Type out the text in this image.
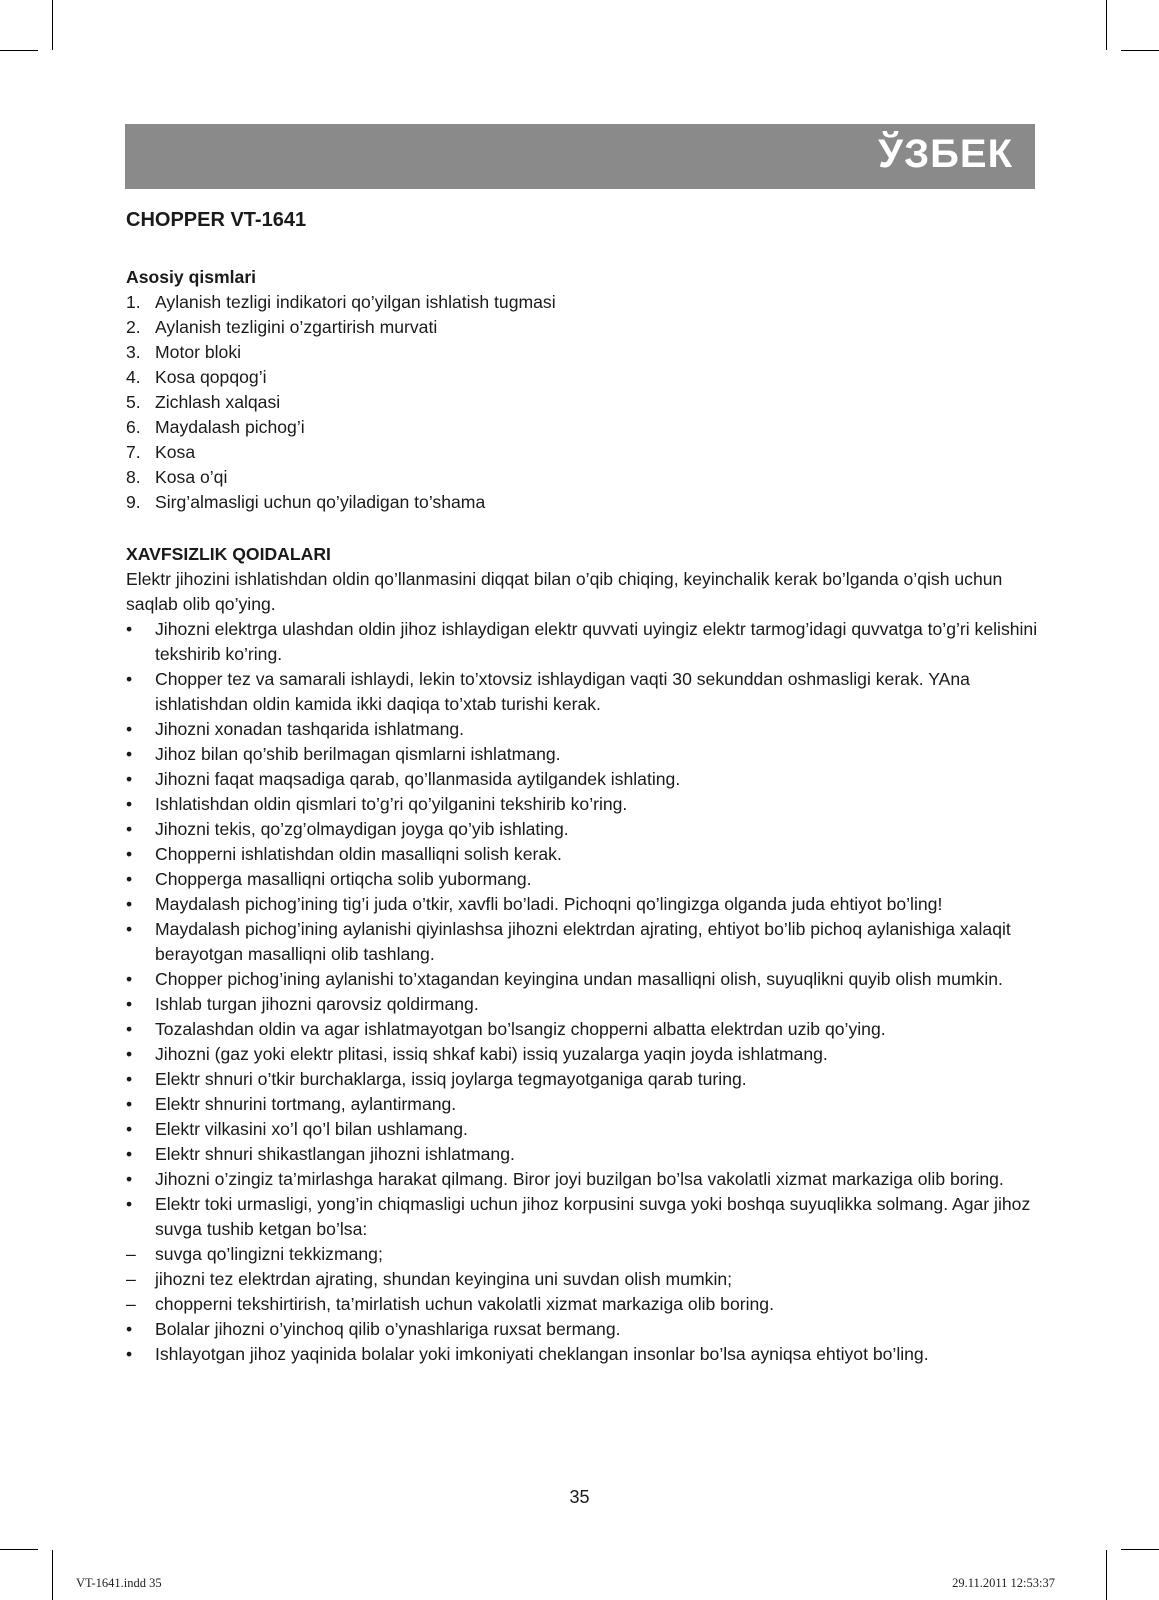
ЎЗБЕК
CHOPPER VT-1641
Asosiy qismlari
1. Aylanish tezligi indikatori qo’yilgan ishlatish tugmasi
2. Aylanish tezligini o’zgartirish murvati
3. Motor bloki
4. Kosa qopqog’i
5. Zichlash xalqasi
6. Maydalash pichog’i
7. Kosa
8. Kosa o’qi
9. Sirg’almasligi uchun qo’yiladigan to’shama
XAVFSIZLIK QOIDALARI

Elektr jihozini ishlatishdan oldin qo’llanmasini diqqat bilan o’qib chiqing, keyinchalik kerak bo’lganda o’qish uchun saqlab olib qo’ying.

• Jihozni elektrga ulashdan oldin jihoz ishlaydigan elektr quvvati uyingiz elektr tarmog’idagi quvvatga to’g’ri kelishini tekshirib ko’ring.
• Chopper tez va samarali ishlaydi, lekin to’xtovsiz ishlaydigan vaqti 30 sekunddan oshmasligi kerak. YAna ishlatishdan oldin kamida ikki daqiqa to’xtab turishi kerak.
• Jihozni xonadan tashqarida ishlatmang.
• Jihoz bilan qo’shib berilmagan qismlarni ishlatmang.
• Jihozni faqat maqsadiga qarab, qo’llanmasida aytilgandek ishlating.
• Ishlatishdan oldin qismlari to’g’ri qo’yilganini tekshirib ko’ring.
• Jihozni tekis, qo’zg’olmaydigan joyga qo’yib ishlating.
• Chopperni ishlatishdan oldin masalliqni solish kerak.
• Chopperga masalliqni ortiqcha solib yubormang.
• Maydalash pichog’ining tig’i juda o’tkir, xavfli bo’ladi. Pichoqni qo’lingizga olganda juda ehtiyot bo’ling!
• Maydalash pichog’ining aylanishi qiyinlashsa jihozni elektrdan ajrating, ehtiyot bo’lib pichoq aylanishiga xalaqit berayotgan masalliqni olib tashlang.
• Chopper pichog’ining aylanishi to’xtagandan keyingina undan masalliqni olish, suyuqlikni quyib olish mumkin.
• Ishlab turgan jihozni qarovsiz qoldirmang.
• Tozalashdan oldin va agar ishlatmayotgan bo’lsangiz chopperni albatta elektrdan uzib qo’ying.
• Jihozni (gaz yoki elektr plitasi, issiq shkaf kabi) issiq yuzalarga yaqin joyda ishlatmang.
• Elektr shnuri o’tkir burchaklarga, issiq joylarga tegmayotganiga qarab turing.
• Elektr shnurini tortmang, aylantirmang.
• Elektr vilkasini xo’l qo’l bilan ushlamang.
• Elektr shnuri shikastlangan jihozni ishlatmang.
• Jihozni o’zingiz ta’mirlashga harakat qilmang. Biror joyi buzilgan bo’lsa vakolatli xizmat markaziga olib boring.
• Elektr toki urmasligi, yong’in chiqmasligi uchun jihoz korpusini suvga yoki boshqa suyuqlikka solmang. Agar jihoz suvga tushib ketgan bo’lsa:
– suvga qo’lingizni tekkizmang;
– jihozni tez elektrdan ajrating, shundan keyingina uni suvdan olish mumkin;
– chopperni tekshirtirish, ta’mirlatish uchun vakolatli xizmat markaziga olib boring.
• Bolalar jihozni o’yinchoq qilib o’ynashlariga ruxsat bermang.
• Ishlayotgan jihoz yaqinida bolalar yoki imkoniyati cheklangan insonlar bo’lsa ayniqsa ehtiyot bo’ling.
35
VT-1641.indd 35	29.11.2011 12:53:37
